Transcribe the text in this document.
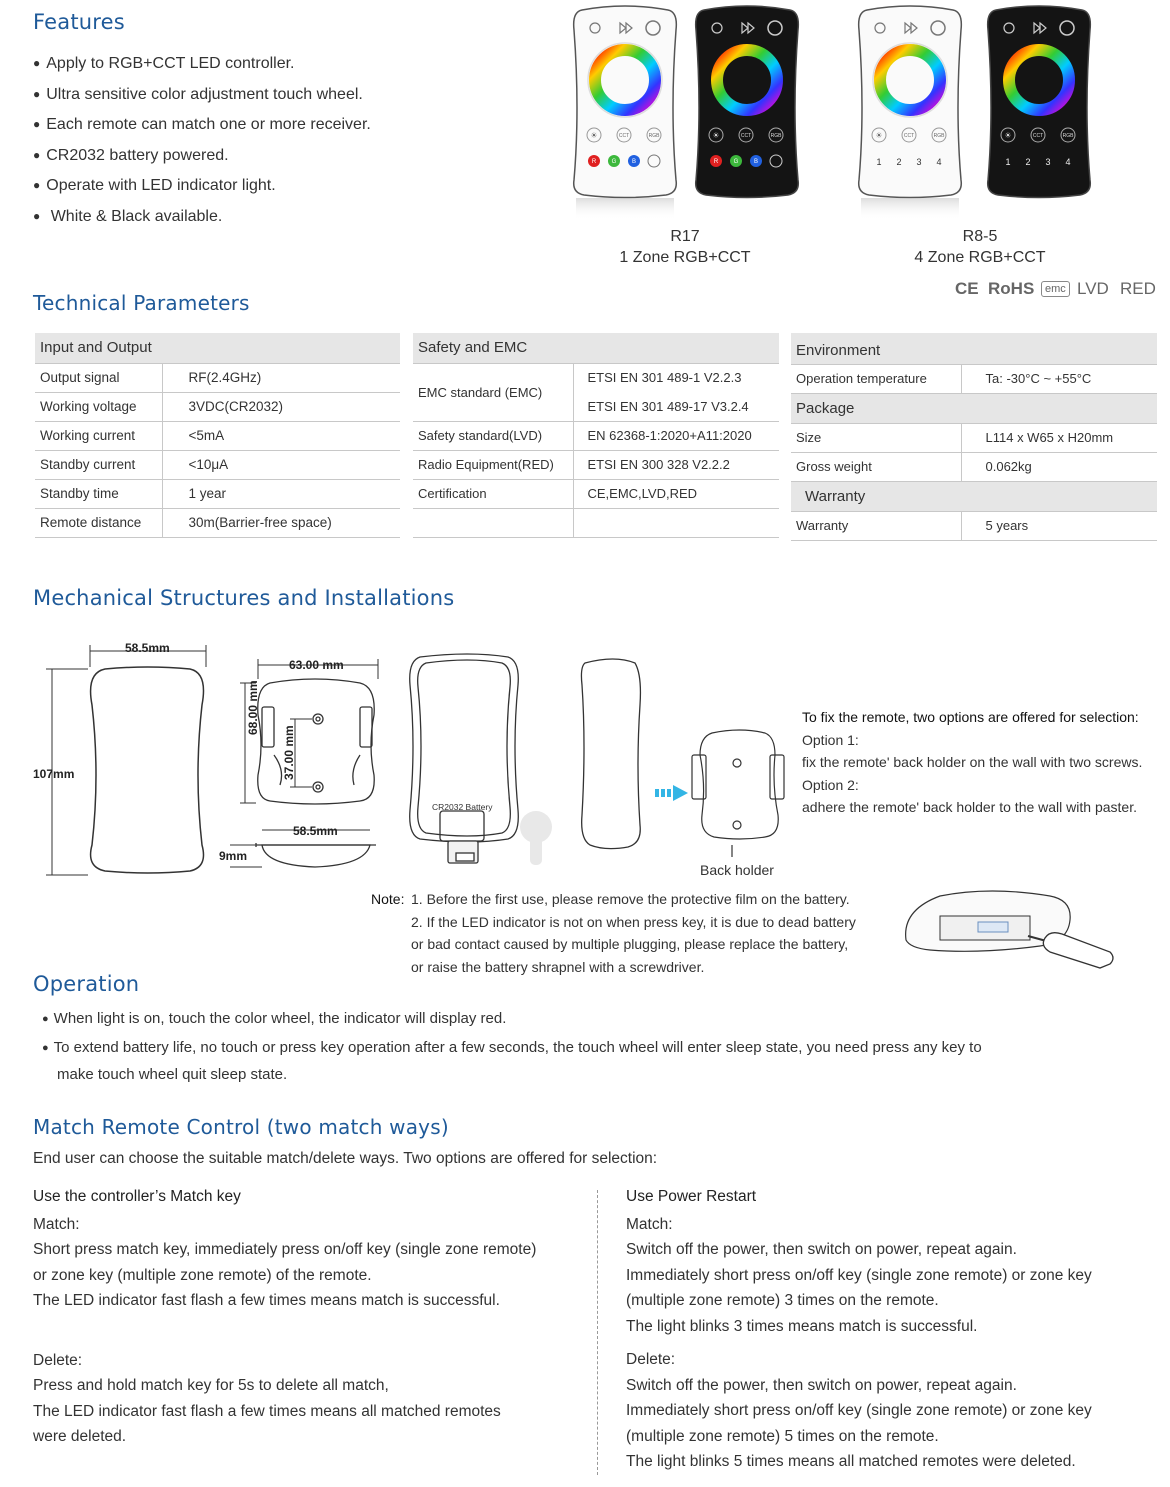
Features
● Apply to RGB+CCT LED controller.
● Ultra sensitive color adjustment touch wheel.
● Each remote can match one or more receiver.
● CR2032 battery powered.
● Operate with LED indicator light.
● White & Black available.
☀	CCT	RGB
R	G	B
☀	CCT	RGB
R	G	B
☀	CCT	RGB
1 2 3 4
☀	CCT	RGB
1 2 3 4
R17
1 Zone RGB+CCT
R8-5
4 Zone RGB+CCT
CE RoHS emc LVD RED
Technical Parameters
Input and Output	
Output signal	RF(2.4GHz)
Working voltage	3VDC(CR2032)
Working current	<5mA
Standby current	<10μA
Standby time	1 year
Remote distance	30m(Barrier-free space)
Safety and EMC	
EMC standard (EMC)	ETSI EN 301 489-1 V2.2.3
	ETSI EN 301 489-17 V3.2.4
Safety standard(LVD)	EN 62368-1:2020+A11:2020
Radio Equipment(RED)	ETSI EN 300 328 V2.2.2
Certification	CE,EMC,LVD,RED

Environment	
Operation temperature	Ta: -30°C ~ +55°C
Package	
Size	L114 x W65 x H20mm
Gross weight	0.062kg
Warranty	
Warranty	5 years
Mechanical Structures and Installations
58.5mm
107mm
63.00 mm
68.00 mm
37.00 mm
58.5mm
9mm
CR2032 Battery
Back holder
To fix the remote, two options are offered for selection:
Option 1:
fix the remote' back holder on the wall with two screws.
Option 2:
adhere the remote' back holder to the wall with paster.
Note: 1. Before the first use, please remove the protective film on the battery.
2. If the LED indicator is not on when press key, it is due to dead battery
or bad contact caused by multiple plugging, please replace the battery,
or raise the battery shrapnel with a screwdriver.
Operation
● When light is on, touch the color wheel, the indicator will display red.
● To extend battery life, no touch or press key operation after a few seconds, the touch wheel will enter sleep state, you need press any key to make touch wheel quit sleep state.
Match Remote Control (two match ways)
End user can choose the suitable match/delete ways. Two options are offered for selection:
Use the controller’s Match key
Match:
Short press match key, immediately press on/off key (single zone remote)
or zone key (multiple zone remote) of the remote.
The LED indicator fast flash a few times means match is successful.
Delete:
Press and hold match key for 5s to delete all match,
The LED indicator fast flash a few times means all matched remotes
were deleted.
Use Power Restart
Match:
Switch off the power, then switch on power, repeat again.
Immediately short press on/off key (single zone remote) or zone key
(multiple zone remote) 3 times on the remote.
The light blinks 3 times means match is successful.
Delete:
Switch off the power, then switch on power, repeat again.
Immediately short press on/off key (single zone remote) or zone key
(multiple zone remote) 5 times on the remote.
The light blinks 5 times means all matched remotes were deleted.
